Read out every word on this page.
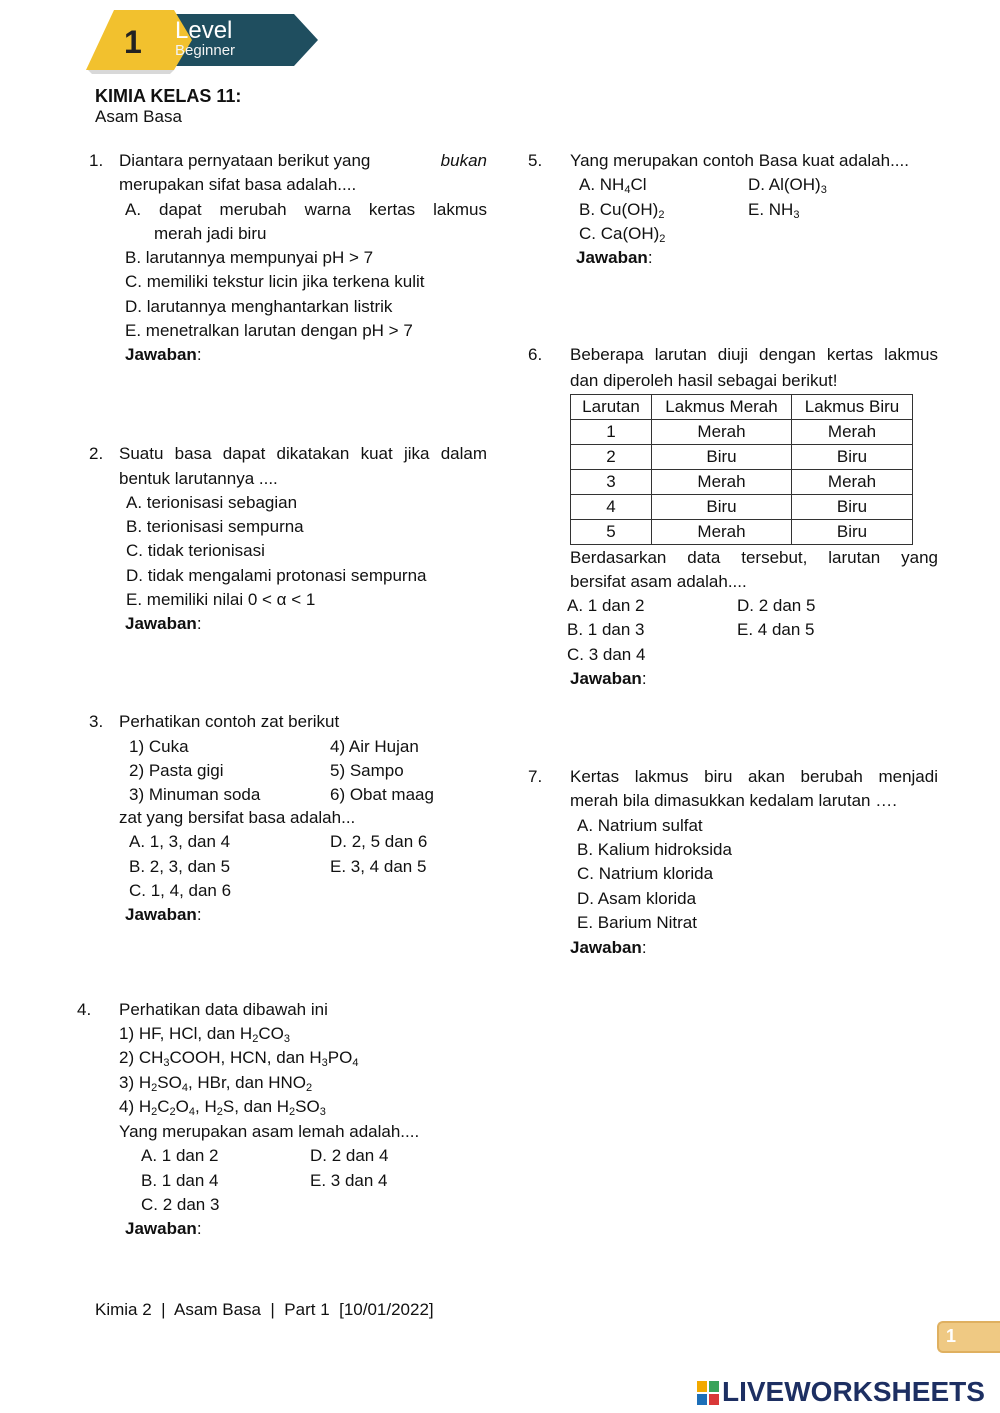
1 Level
Beginner
KIMIA KELAS 11:
Asam Basa
1. Diantara pernyataan berikut yang	bukan
merupakan sifat basa adalah....
A. dapat merubah warna kertas lakmus
merah jadi biru
B. larutannya mempunyai pH > 7
C. memiliki tekstur licin jika terkena kulit
D. larutannya menghantarkan listrik
E. menetralkan larutan dengan pH > 7
Jawaban:
2. Suatu basa dapat dikatakan kuat jika dalam
bentuk larutannya ....
A. terionisasi sebagian
B. terionisasi sempurna
C. tidak terionisasi
D. tidak mengalami protonasi sempurna
E. memiliki nilai 0 < α < 1
Jawaban:
3. Perhatikan contoh zat berikut
1) Cuka	4) Air Hujan
2) Pasta gigi	5) Sampo
3) Minuman soda	6) Obat maag
zat yang bersifat basa adalah...
A. 1, 3, dan 4	D. 2, 5 dan 6
B. 2, 3, dan 5	E. 3, 4 dan 5
C. 1, 4, dan 6
Jawaban:
4. Perhatikan data dibawah ini
1) HF, HCl, dan $H_2CO_3$
2) $CH_3COOH$, HCN, dan $H_3PO_4$
3) $H_2SO_4$, HBr, dan $HNO_2$
4) $H_2C_2O_4$, $H_2S$, dan $H_2SO_3$
Yang merupakan asam lemah adalah....
A. 1 dan 2	D. 2 dan 4
B. 1 dan 4	E. 3 dan 4
C. 2 dan 3
Jawaban:
5. Yang merupakan contoh Basa kuat adalah....
A. $NH_4Cl$	D. $Al(OH)_3$
B. $Cu(OH)_2$	E. $NH_3$
C. $Ca(OH)_2$
Jawaban:
6. Beberapa larutan diuji dengan kertas lakmus
dan diperoleh hasil sebagai berikut!
Larutan	Lakmus Merah	Lakmus Biru
1	Merah	Merah
2	Biru	Biru
3	Merah	Merah
4	Biru	Biru
5	Merah	Biru
Berdasarkan data tersebut, larutan yang
bersifat asam adalah....
A. 1 dan 2	D. 2 dan 5
B. 1 dan 3	E. 4 dan 5
C. 3 dan 4
Jawaban:
7. Kertas lakmus biru akan berubah menjadi
merah bila dimasukkan kedalam larutan ….
A. Natrium sulfat
B. Kalium hidroksida
C. Natrium klorida
D. Asam klorida
E. Barium Nitrat
Jawaban:
Kimia 2  |  Asam Basa  |  Part 1  [10/01/2022]
1
LIVEWORKSHEETS
